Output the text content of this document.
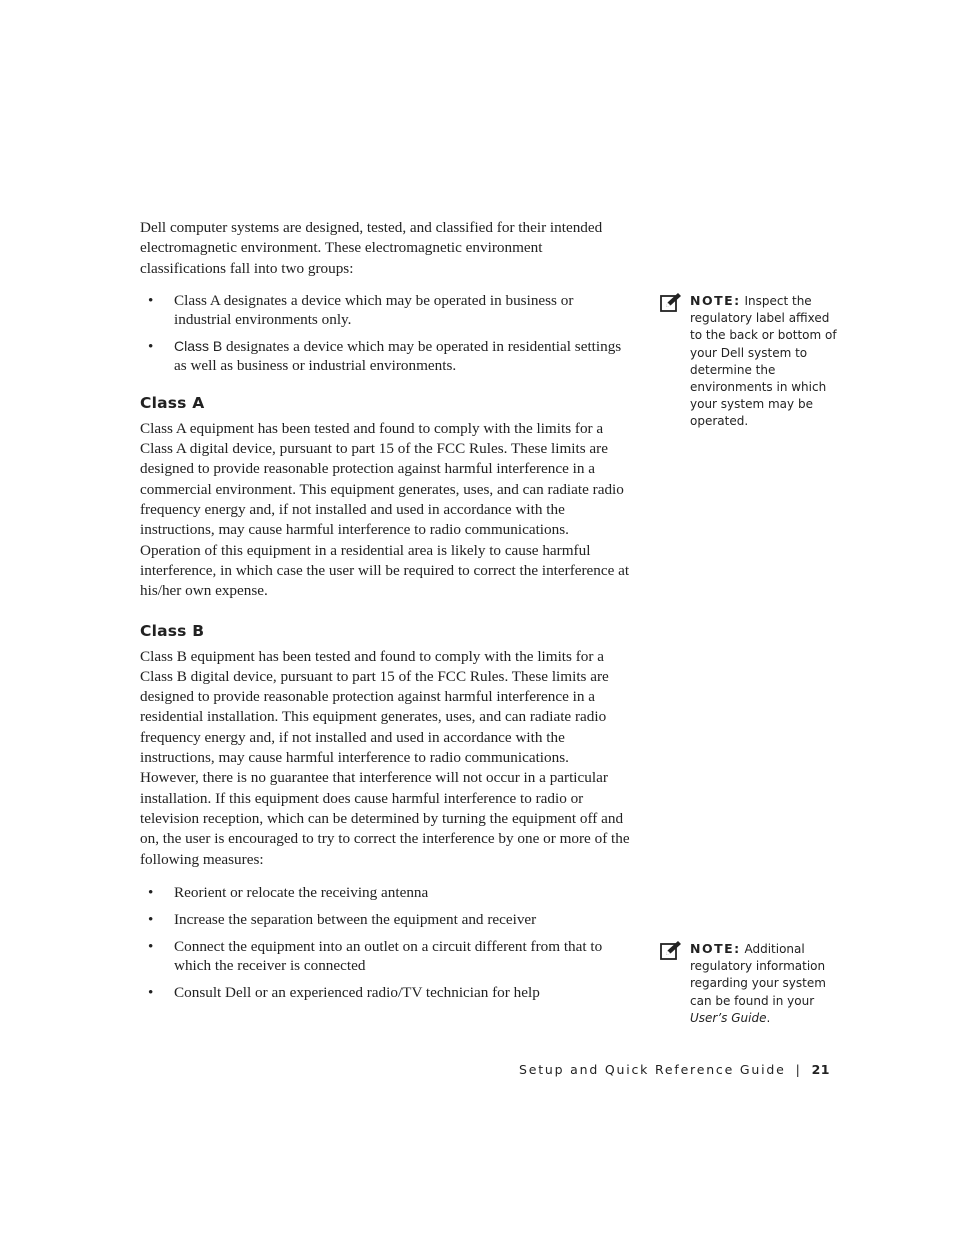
Dell computer systems are designed, tested, and classified for their intended electromagnetic environment. These electromagnetic environment classifications fall into two groups:

• Class A designates a device which may be operated in business or industrial environments only.
• Class B designates a device which may be operated in residential settings as well as business or industrial environments.
Class A

Class A equipment has been tested and found to comply with the limits for a Class A digital device, pursuant to part 15 of the FCC Rules. These limits are designed to provide reasonable protection against harmful interference in a commercial environment. This equipment generates, uses, and can radiate radio frequency energy and, if not installed and used in accordance with the instructions, may cause harmful interference to radio communications. Operation of this equipment in a residential area is likely to cause harmful interference, in which case the user will be required to correct the interference at his/her own expense.

Class B

Class B equipment has been tested and found to comply with the limits for a Class B digital device, pursuant to part 15 of the FCC Rules. These limits are designed to provide reasonable protection against harmful interference in a residential installation. This equipment generates, uses, and can radiate radio frequency energy and, if not installed and used in accordance with the instructions, may cause harmful interference to radio communications. However, there is no guarantee that interference will not occur in a particular installation. If this equipment does cause harmful interference to radio or television reception, which can be determined by turning the equipment off and on, the user is encouraged to try to correct the interference by one or more of the following measures:

• Reorient or relocate the receiving antenna
• Increase the separation between the equipment and receiver
• Connect the equipment into an outlet on a circuit different from that to which the receiver is connected
• Consult Dell or an experienced radio/TV technician for help
NOTE: Inspect the regulatory label affixed to the back or bottom of your Dell system to determine the environments in which your system may be operated.
NOTE: Additional regulatory information regarding your system can be found in your User’s Guide.
Setup and Quick Reference Guide | 21
